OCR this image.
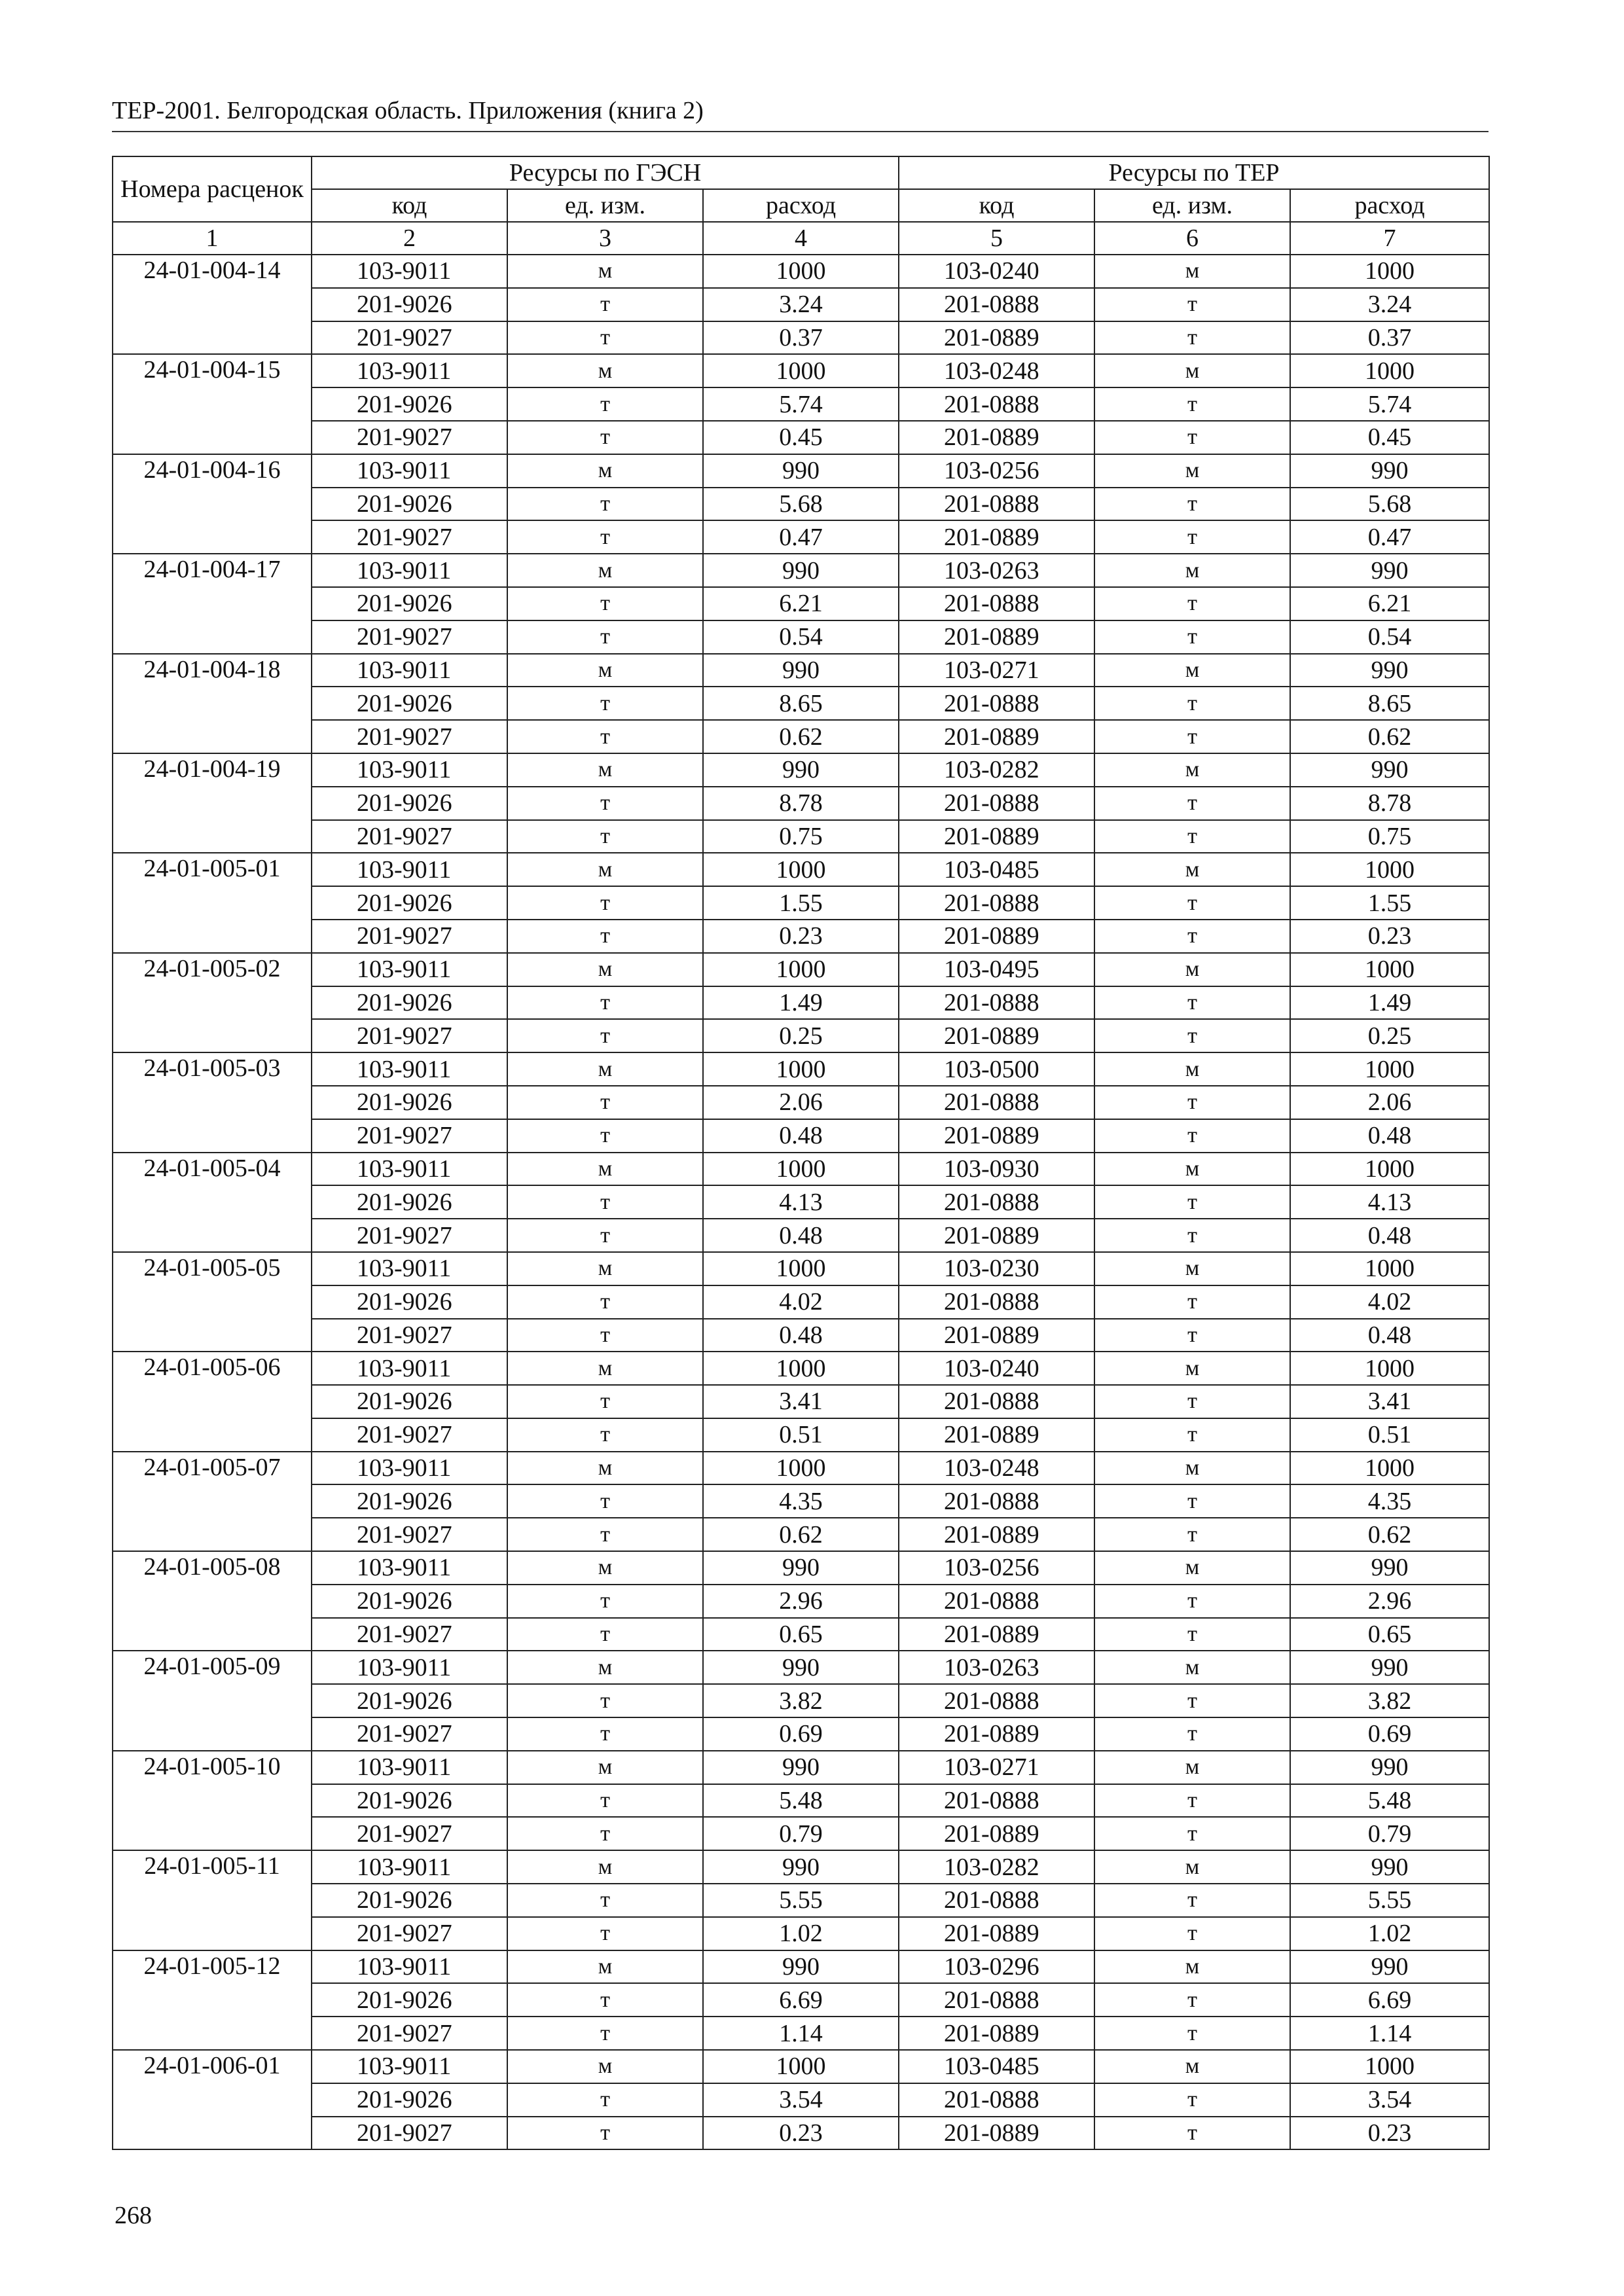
ТЕР-2001. Белгородская область. Приложения (книга 2)
Номера расценок	Ресурсы по ГЭСН			Ресурсы по ТЕР		
	код	ед. изм.	расход	код	ед. изм.	расход
1	2	3	4	5	6	7
24-01-004-14	103-9011	м	1000	103-0240	м	1000
	201-9026	т	3.24	201-0888	т	3.24
	201-9027	т	0.37	201-0889	т	0.37
24-01-004-15	103-9011	м	1000	103-0248	м	1000
	201-9026	т	5.74	201-0888	т	5.74
	201-9027	т	0.45	201-0889	т	0.45
24-01-004-16	103-9011	м	990	103-0256	м	990
	201-9026	т	5.68	201-0888	т	5.68
	201-9027	т	0.47	201-0889	т	0.47
24-01-004-17	103-9011	м	990	103-0263	м	990
	201-9026	т	6.21	201-0888	т	6.21
	201-9027	т	0.54	201-0889	т	0.54
24-01-004-18	103-9011	м	990	103-0271	м	990
	201-9026	т	8.65	201-0888	т	8.65
	201-9027	т	0.62	201-0889	т	0.62
24-01-004-19	103-9011	м	990	103-0282	м	990
	201-9026	т	8.78	201-0888	т	8.78
	201-9027	т	0.75	201-0889	т	0.75
24-01-005-01	103-9011	м	1000	103-0485	м	1000
	201-9026	т	1.55	201-0888	т	1.55
	201-9027	т	0.23	201-0889	т	0.23
24-01-005-02	103-9011	м	1000	103-0495	м	1000
	201-9026	т	1.49	201-0888	т	1.49
	201-9027	т	0.25	201-0889	т	0.25
24-01-005-03	103-9011	м	1000	103-0500	м	1000
	201-9026	т	2.06	201-0888	т	2.06
	201-9027	т	0.48	201-0889	т	0.48
24-01-005-04	103-9011	м	1000	103-0930	м	1000
	201-9026	т	4.13	201-0888	т	4.13
	201-9027	т	0.48	201-0889	т	0.48
24-01-005-05	103-9011	м	1000	103-0230	м	1000
	201-9026	т	4.02	201-0888	т	4.02
	201-9027	т	0.48	201-0889	т	0.48
24-01-005-06	103-9011	м	1000	103-0240	м	1000
	201-9026	т	3.41	201-0888	т	3.41
	201-9027	т	0.51	201-0889	т	0.51
24-01-005-07	103-9011	м	1000	103-0248	м	1000
	201-9026	т	4.35	201-0888	т	4.35
	201-9027	т	0.62	201-0889	т	0.62
24-01-005-08	103-9011	м	990	103-0256	м	990
	201-9026	т	2.96	201-0888	т	2.96
	201-9027	т	0.65	201-0889	т	0.65
24-01-005-09	103-9011	м	990	103-0263	м	990
	201-9026	т	3.82	201-0888	т	3.82
	201-9027	т	0.69	201-0889	т	0.69
24-01-005-10	103-9011	м	990	103-0271	м	990
	201-9026	т	5.48	201-0888	т	5.48
	201-9027	т	0.79	201-0889	т	0.79
24-01-005-11	103-9011	м	990	103-0282	м	990
	201-9026	т	5.55	201-0888	т	5.55
	201-9027	т	1.02	201-0889	т	1.02
24-01-005-12	103-9011	м	990	103-0296	м	990
	201-9026	т	6.69	201-0888	т	6.69
	201-9027	т	1.14	201-0889	т	1.14
24-01-006-01	103-9011	м	1000	103-0485	м	1000
	201-9026	т	3.54	201-0888	т	3.54
	201-9027	т	0.23	201-0889	т	0.23
268
